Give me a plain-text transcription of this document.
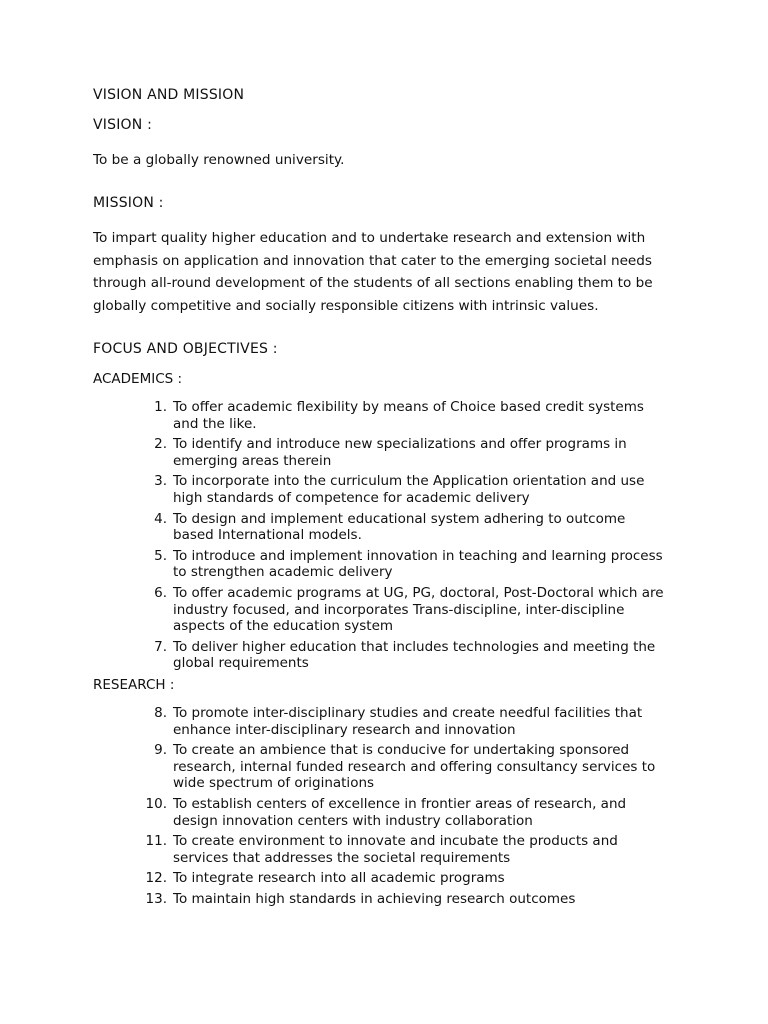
VISION AND MISSION
VISION :

To be a globally renowned university.

MISSION :

To impart quality higher education and to undertake research and extension with emphasis on application and innovation that cater to the emerging societal needs through all-round development of the students of all sections enabling them to be globally competitive and socially responsible citizens with intrinsic values.

FOCUS AND OBJECTIVES :
ACADEMICS :
1. To offer academic flexibility by means of Choice based credit systems and the like.
2. To identify and introduce new specializations and offer programs in emerging areas therein
3. To incorporate into the curriculum the Application orientation and use high standards of competence for academic delivery
4. To design and implement educational system adhering to outcome based International models.
5. To introduce and implement innovation in teaching and learning process to strengthen academic delivery
6. To offer academic programs at UG, PG, doctoral, Post-Doctoral which are industry focused, and incorporates Trans-discipline, inter-discipline aspects of the education system
7. To deliver higher education that includes technologies and meeting the global requirements
RESEARCH :
8. To promote inter-disciplinary studies and create needful facilities that enhance inter-disciplinary research and innovation
9. To create an ambience that is conducive for undertaking sponsored research, internal funded research and offering consultancy services to wide spectrum of originations
10. To establish centers of excellence in frontier areas of research, and design innovation centers with industry collaboration
11. To create environment to innovate and incubate the products and services that addresses the societal requirements
12. To integrate research into all academic programs
13. To maintain high standards in achieving research outcomes
